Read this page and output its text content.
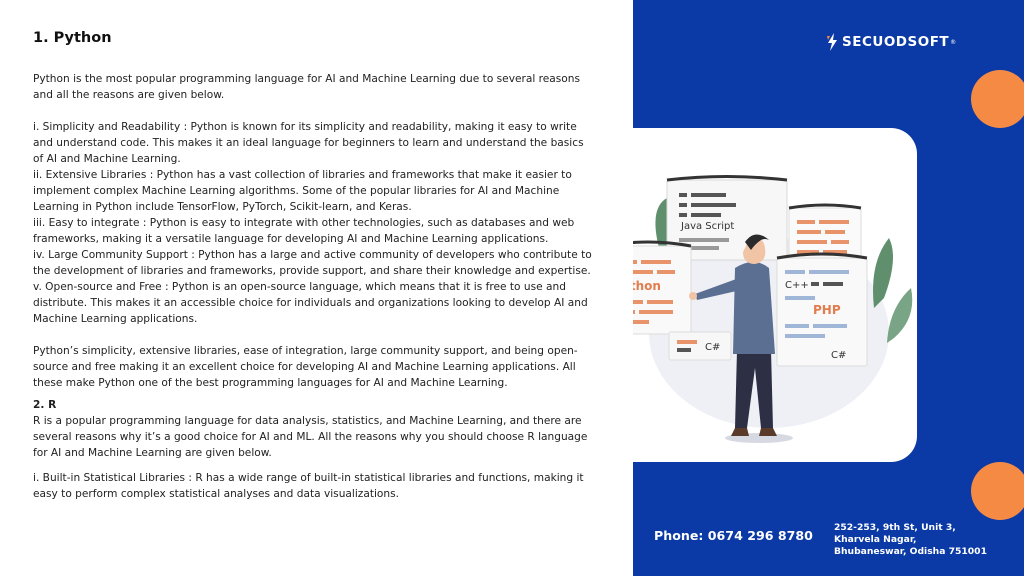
1. Python

Python is the most popular programming language for AI and Machine Learning due to several reasons and all the reasons are given below.

i. Simplicity and Readability : Python is known for its simplicity and readability, making it easy to write and understand code. This makes it an ideal language for beginners to learn and understand the basics of AI and Machine Learning.

ii. Extensive Libraries : Python has a vast collection of libraries and frameworks that make it easier to implement complex Machine Learning algorithms. Some of the popular libraries for AI and Machine Learning in Python include TensorFlow, PyTorch, Scikit-learn, and Keras.

iii. Easy to integrate : Python is easy to integrate with other technologies, such as databases and web frameworks, making it a versatile language for developing AI and Machine Learning applications.

iv. Large Community Support : Python has a large and active community of developers who contribute to the development of libraries and frameworks, provide support, and share their knowledge and expertise.

v. Open-source and Free : Python is an open-source language, which means that it is free to use and distribute. This makes it an accessible choice for individuals and organizations looking to develop AI and Machine Learning applications.

Python’s simplicity, extensive libraries, ease of integration, large community support, and being open-source and free making it an excellent choice for developing AI and Machine Learning applications. All these make Python one of the best programming languages for AI and Machine Learning.

2. R

R is a popular programming language for data analysis, statistics, and Machine Learning, and there are several reasons why it’s a good choice for AI and ML. All the reasons why you should choose R language for AI and Machine Learning are given below.

i. Built-in Statistical Libraries : R has a wide range of built-in statistical libraries and functions, making it easy to perform complex statistical analyses and data visualizations.

SECUODSOFT ®
Java Script
Python	C++
PHP
C#
C#
Phone: 0674 296 8780
252-253, 9th St, Unit 3,
Kharvela Nagar,
Bhubaneswar, Odisha 751001
